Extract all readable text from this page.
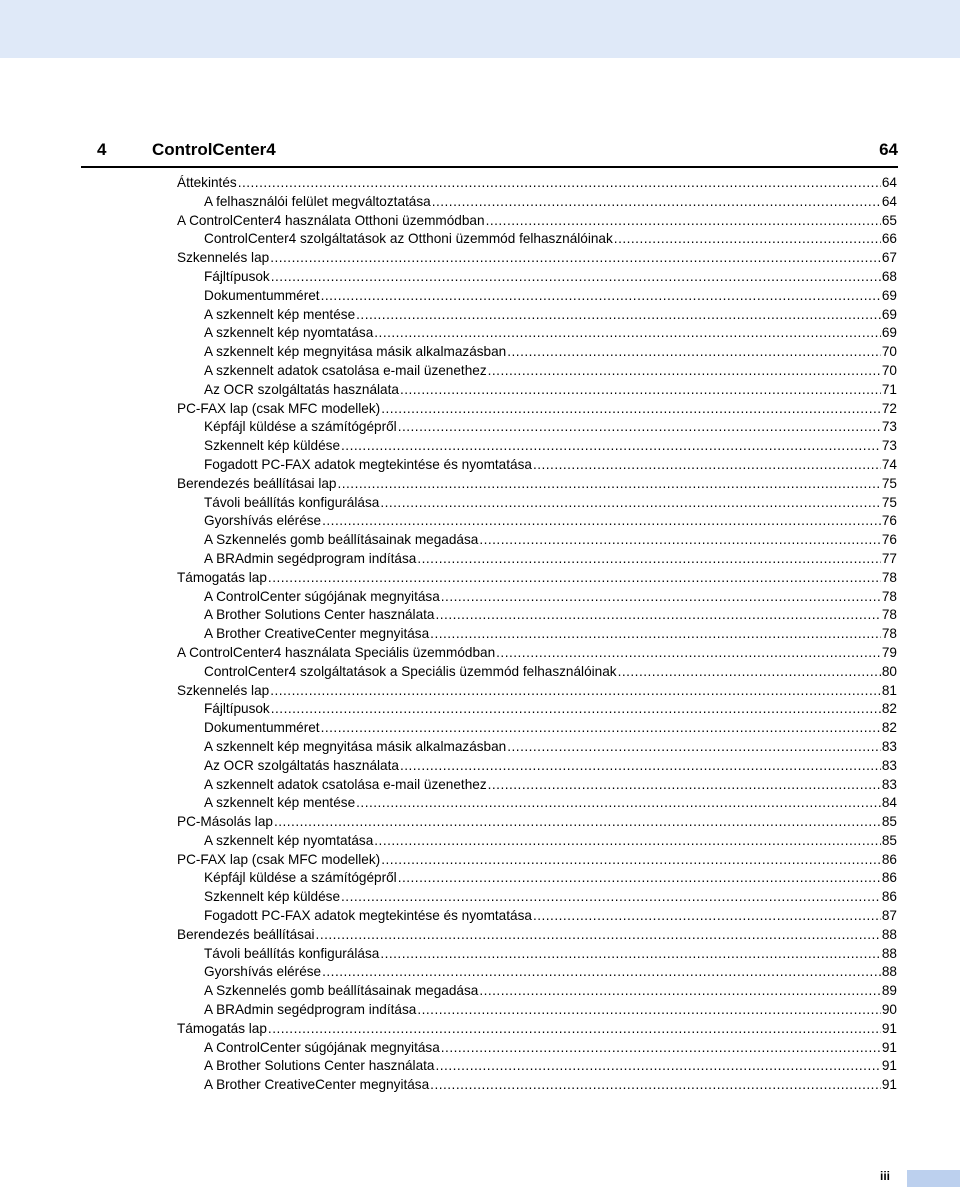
4	ControlCenter4	64
Áttekintés .....	64
A felhasználói felület megváltoztatása .....	64
A ControlCenter4 használata Otthoni üzemmódban .....	65
ControlCenter4 szolgáltatások az Otthoni üzemmód felhasználóinak .....	66
Szkennelés lap .....	67
Fájltípusok .....	68
Dokumentumméret .....	69
A szkennelt kép mentése .....	69
A szkennelt kép nyomtatása .....	69
A szkennelt kép megnyitása másik alkalmazásban .....	70
A szkennelt adatok csatolása e-mail üzenethez .....	70
Az OCR szolgáltatás használata .....	71
PC-FAX lap (csak MFC modellek) .....	72
Képfájl küldése a számítógépről .....	73
Szkennelt kép küldése .....	73
Fogadott PC-FAX adatok megtekintése és nyomtatása .....	74
Berendezés beállításai lap .....	75
Távoli beállítás konfigurálása .....	75
Gyorshívás elérése .....	76
A Szkennelés gomb beállításainak megadása .....	76
A BRAdmin segédprogram indítása .....	77
Támogatás lap .....	78
A ControlCenter súgójának megnyitása .....	78
A Brother Solutions Center használata .....	78
A Brother CreativeCenter megnyitása .....	78
A ControlCenter4 használata Speciális üzemmódban .....	79
ControlCenter4 szolgáltatások a Speciális üzemmód felhasználóinak .....	80
Szkennelés lap .....	81
Fájltípusok .....	82
Dokumentumméret .....	82
A szkennelt kép megnyitása másik alkalmazásban .....	83
Az OCR szolgáltatás használata .....	83
A szkennelt adatok csatolása e-mail üzenethez .....	83
A szkennelt kép mentése .....	84
PC-Másolás lap .....	85
A szkennelt kép nyomtatása .....	85
PC-FAX lap (csak MFC modellek) .....	86
Képfájl küldése a számítógépről .....	86
Szkennelt kép küldése .....	86
Fogadott PC-FAX adatok megtekintése és nyomtatása .....	87
Berendezés beállításai .....	88
Távoli beállítás konfigurálása .....	88
Gyorshívás elérése .....	88
A Szkennelés gomb beállításainak megadása .....	89
A BRAdmin segédprogram indítása .....	90
Támogatás lap .....	91
A ControlCenter súgójának megnyitása .....	91
A Brother Solutions Center használata .....	91
A Brother CreativeCenter megnyitása .....	91
iii
